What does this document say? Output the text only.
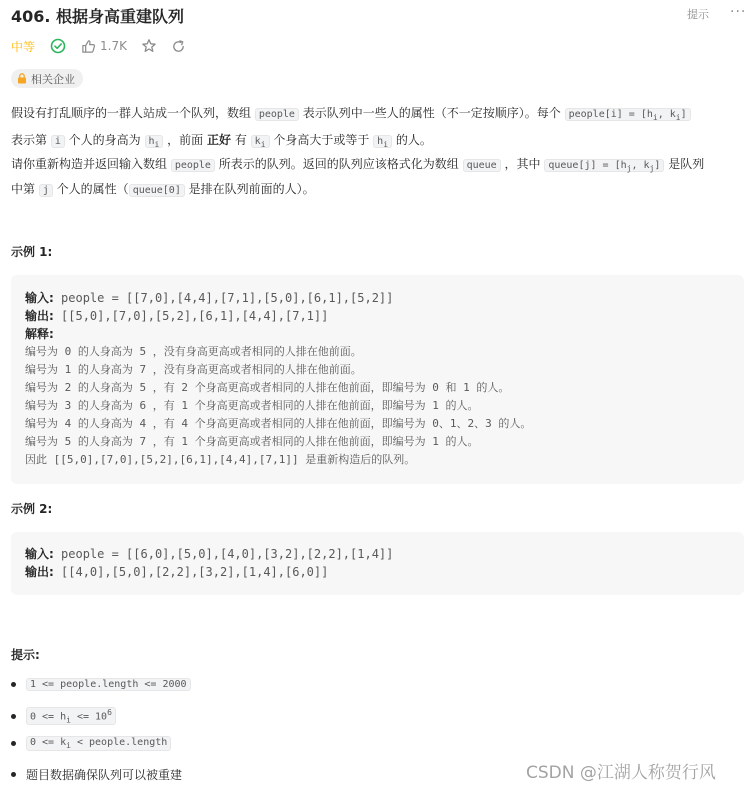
406. 根据身高重建队列	提示 ···
中等	1.7K
相关企业
假设有打乱顺序的一群人站成一个队列，数组 people 表示队列中一些人的属性（不一定按顺序）。每个 people[i] = [$h_i$, $k_i$]
表示第 i 个人的身高为 $h_i$ ，前面 正好 有 $k_i$ 个身高大于或等于 $h_i$ 的人。
请你重新构造并返回输入数组 people 所表示的队列。返回的队列应该格式化为数组 queue ，其中 queue[j] = [$h_j$, $k_j$] 是队列
中第 j 个人的属性（ queue[0] 是排在队列前面的人）。
示例 1:
输入: people = [[7,0],[4,4],[7,1],[5,0],[6,1],[5,2]]
输出: [[5,0],[7,0],[5,2],[6,1],[4,4],[7,1]]
解释:
编号为 0 的人身高为 5 ，没有身高更高或者相同的人排在他前面。
编号为 1 的人身高为 7 ，没有身高更高或者相同的人排在他前面。
编号为 2 的人身高为 5 ，有 2 个身高更高或者相同的人排在他前面，即编号为 0 和 1 的人。
编号为 3 的人身高为 6 ，有 1 个身高更高或者相同的人排在他前面，即编号为 1 的人。
编号为 4 的人身高为 4 ，有 4 个身高更高或者相同的人排在他前面，即编号为 0、1、2、3 的人。
编号为 5 的人身高为 7 ，有 1 个身高更高或者相同的人排在他前面，即编号为 1 的人。
因此 [[5,0],[7,0],[5,2],[6,1],[4,4],[7,1]] 是重新构造后的队列。
示例 2:
输入: people = [[6,0],[5,0],[4,0],[3,2],[2,2],[1,4]]
输出: [[4,0],[5,0],[2,2],[3,2],[1,4],[6,0]]
提示:
1 <= people.length <= 2000
$0 <= h_i <= 10^6$
$0 <= k_i$ < people.length
题目数据确保队列可以被重建	CSDN @江湖人称贺行风
